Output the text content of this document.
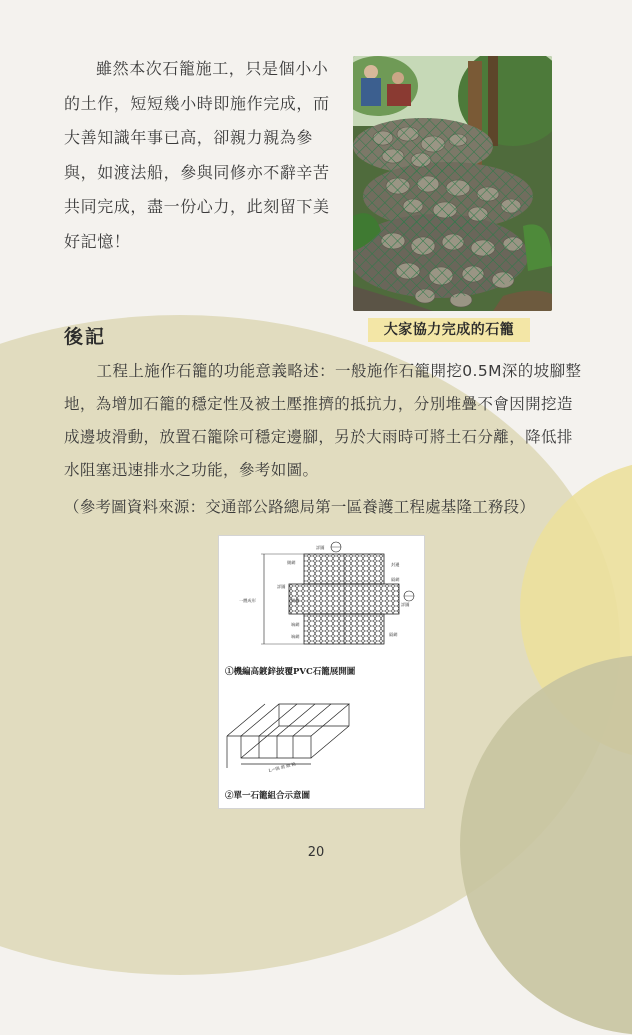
雖然本次石籠施工，只是個小小的土作，短短幾小時即施作完成，而大善知識年事已高，卻親力親為參與，如渡法船，參與同修亦不辭辛苦共同完成，盡一份心力，此刻留下美好記憶！

大家協力完成的石籠
後記

工程上施作石籠的功能意義略述：一般施作石籠開挖0.5M深的坡腳整地，為增加石籠的穩定性及被土壓推擠的抵抗力，分別堆疊不會因開挖造成邊坡滑動，放置石籠除可穩定邊腳，另於大雨時可將土石分離，降低排水阻塞迅速排水之功能，參考如圖。

（參考圖資料來源：交通部公路總局第一區養護工程處基隆工務段）
詳圖
封邊
隔網
詳圖
隔網
側網
詳圖
側網
端網
端網
一體成形
①機編高鍍鋅披覆PVC石籠展開圖
L＝隔 填 網 箱
②單一石籠組合示意圖
20
